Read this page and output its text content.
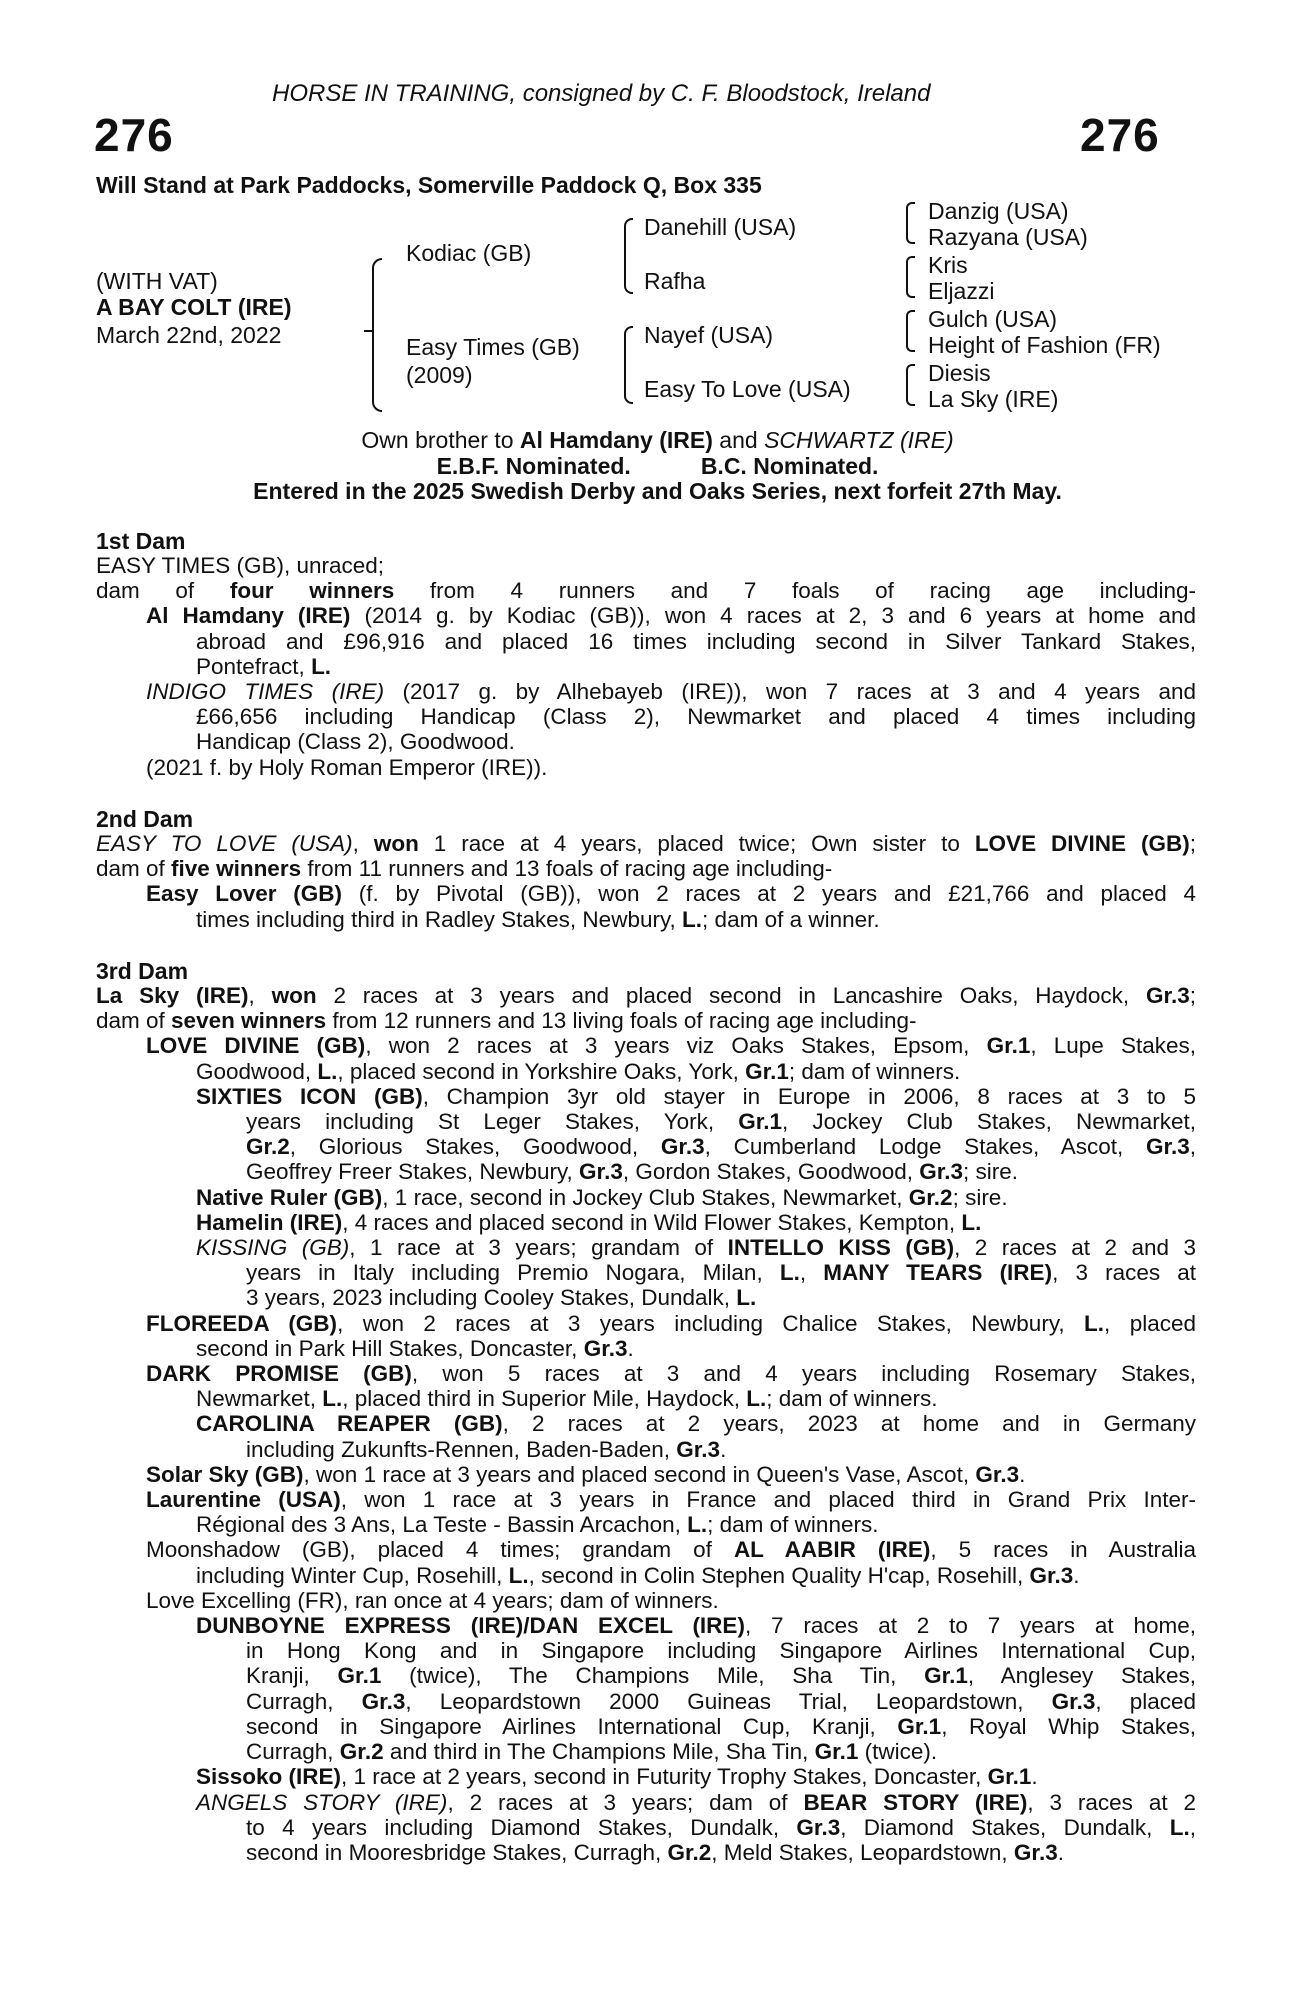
HORSE IN TRAINING, consigned by C. F. Bloodstock, Ireland
276	276
Will Stand at Park Paddocks, Somerville Paddock Q, Box 335
(WITH VAT)
A BAY COLT (IRE)
March 22nd, 2022
Kodiac (GB)
Easy Times (GB)
(2009)
Danehill (USA)
Rafha
Nayef (USA)
Easy To Love (USA)
Danzig (USA)
Razyana (USA)
Kris
Eljazzi
Gulch (USA)
Height of Fashion (FR)
Diesis
La Sky (IRE)
Own brother to Al Hamdany (IRE) and SCHWARTZ (IRE)
E.B.F. Nominated.	B.C. Nominated.
Entered in the 2025 Swedish Derby and Oaks Series, next forfeit 27th May.
1st Dam
EASY TIMES (GB), unraced;
dam of four winners from 4 runners and 7 foals of racing age including-
Al Hamdany (IRE) (2014 g. by Kodiac (GB)), won 4 races at 2, 3 and 6 years at home and
abroad and £96,916 and placed 16 times including second in Silver Tankard Stakes,
Pontefract, L.
INDIGO TIMES (IRE) (2017 g. by Alhebayeb (IRE)), won 7 races at 3 and 4 years and
£66,656 including Handicap (Class 2), Newmarket and placed 4 times including
Handicap (Class 2), Goodwood.
(2021 f. by Holy Roman Emperor (IRE)).
2nd Dam
EASY TO LOVE (USA), won 1 race at 4 years, placed twice; Own sister to LOVE DIVINE (GB);
dam of five winners from 11 runners and 13 foals of racing age including-
Easy Lover (GB) (f. by Pivotal (GB)), won 2 races at 2 years and £21,766 and placed 4
times including third in Radley Stakes, Newbury, L.; dam of a winner.
3rd Dam
La Sky (IRE), won 2 races at 3 years and placed second in Lancashire Oaks, Haydock, Gr.3;
dam of seven winners from 12 runners and 13 living foals of racing age including-
LOVE DIVINE (GB), won 2 races at 3 years viz Oaks Stakes, Epsom, Gr.1, Lupe Stakes,
Goodwood, L., placed second in Yorkshire Oaks, York, Gr.1; dam of winners.
SIXTIES ICON (GB), Champion 3yr old stayer in Europe in 2006, 8 races at 3 to 5
years including St Leger Stakes, York, Gr.1, Jockey Club Stakes, Newmarket,
Gr.2, Glorious Stakes, Goodwood, Gr.3, Cumberland Lodge Stakes, Ascot, Gr.3,
Geoffrey Freer Stakes, Newbury, Gr.3, Gordon Stakes, Goodwood, Gr.3; sire.
Native Ruler (GB), 1 race, second in Jockey Club Stakes, Newmarket, Gr.2; sire.
Hamelin (IRE), 4 races and placed second in Wild Flower Stakes, Kempton, L.
KISSING (GB), 1 race at 3 years; grandam of INTELLO KISS (GB), 2 races at 2 and 3
years in Italy including Premio Nogara, Milan, L., MANY TEARS (IRE), 3 races at
3 years, 2023 including Cooley Stakes, Dundalk, L.
FLOREEDA (GB), won 2 races at 3 years including Chalice Stakes, Newbury, L., placed
second in Park Hill Stakes, Doncaster, Gr.3.
DARK PROMISE (GB), won 5 races at 3 and 4 years including Rosemary Stakes,
Newmarket, L., placed third in Superior Mile, Haydock, L.; dam of winners.
CAROLINA REAPER (GB), 2 races at 2 years, 2023 at home and in Germany
including Zukunfts-Rennen, Baden-Baden, Gr.3.
Solar Sky (GB), won 1 race at 3 years and placed second in Queen's Vase, Ascot, Gr.3.
Laurentine (USA), won 1 race at 3 years in France and placed third in Grand Prix Inter-
Régional des 3 Ans, La Teste - Bassin Arcachon, L.; dam of winners.
Moonshadow (GB), placed 4 times; grandam of AL AABIR (IRE), 5 races in Australia
including Winter Cup, Rosehill, L., second in Colin Stephen Quality H'cap, Rosehill, Gr.3.
Love Excelling (FR), ran once at 4 years; dam of winners.
DUNBOYNE EXPRESS (IRE)/DAN EXCEL (IRE), 7 races at 2 to 7 years at home,
in Hong Kong and in Singapore including Singapore Airlines International Cup,
Kranji, Gr.1 (twice), The Champions Mile, Sha Tin, Gr.1, Anglesey Stakes,
Curragh, Gr.3, Leopardstown 2000 Guineas Trial, Leopardstown, Gr.3, placed
second in Singapore Airlines International Cup, Kranji, Gr.1, Royal Whip Stakes,
Curragh, Gr.2 and third in The Champions Mile, Sha Tin, Gr.1 (twice).
Sissoko (IRE), 1 race at 2 years, second in Futurity Trophy Stakes, Doncaster, Gr.1.
ANGELS STORY (IRE), 2 races at 3 years; dam of BEAR STORY (IRE), 3 races at 2
to 4 years including Diamond Stakes, Dundalk, Gr.3, Diamond Stakes, Dundalk, L.,
second in Mooresbridge Stakes, Curragh, Gr.2, Meld Stakes, Leopardstown, Gr.3.
